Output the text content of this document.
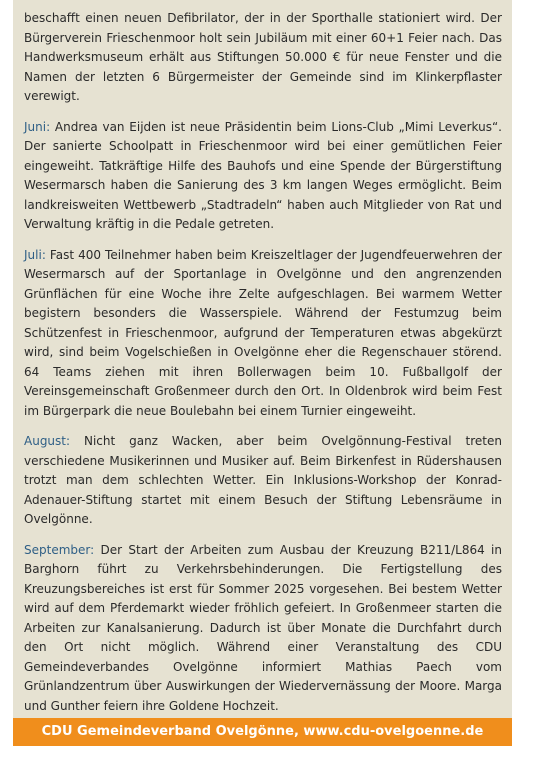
beschafft einen neuen Defibrilator, der in der Sporthalle stationiert wird. Der Bürgerverein Frieschenmoor holt sein Jubiläum mit einer 60+1 Feier nach. Das Handwerksmuseum erhält aus Stiftungen 50.000 € für neue Fenster und die Namen der letzten 6 Bürgermeister der Gemeinde sind im Klinkerpflaster verewigt.

Juni: Andrea van Eijden ist neue Präsidentin beim Lions-Club „Mimi Leverkus“. Der sanierte Schoolpatt in Frieschenmoor wird bei einer gemütlichen Feier eingeweiht. Tatkräftige Hilfe des Bauhofs und eine Spende der Bürgerstiftung Wesermarsch haben die Sanierung des 3 km langen Weges ermöglicht. Beim landkreisweiten Wettbewerb „Stadtradeln“ haben auch Mitglieder von Rat und Verwaltung kräftig in die Pedale getreten.

Juli: Fast 400 Teilnehmer haben beim Kreiszeltlager der Jugendfeuerwehren der Wesermarsch auf der Sportanlage in Ovelgönne und den angrenzenden Grünflächen für eine Woche ihre Zelte aufgeschlagen. Bei warmem Wetter begistern besonders die Wasserspiele. Während der Festumzug beim Schützenfest in Frieschenmoor, aufgrund der Temperaturen etwas abgekürzt wird, sind beim Vogelschießen in Ovelgönne eher die Regenschauer störend. 64 Teams ziehen mit ihren Bollerwagen beim 10. Fußballgolf der Vereinsgemeinschaft Großenmeer durch den Ort. In Oldenbrok wird beim Fest im Bürgerpark die neue Boulebahn bei einem Turnier eingeweiht.

August: Nicht ganz Wacken, aber beim Ovelgönnung-Festival treten verschiedene Musikerinnen und Musiker auf. Beim Birkenfest in Rüdershausen trotzt man dem schlechten Wetter. Ein Inklusions-Workshop der Konrad-Adenauer-Stiftung startet mit einem Besuch der Stiftung Lebensräume in Ovelgönne.

September: Der Start der Arbeiten zum Ausbau der Kreuzung B211/L864 in Barghorn führt zu Verkehrsbehinderungen. Die Fertigstellung des Kreuzungsbereiches ist erst für Sommer 2025 vorgesehen. Bei bestem Wetter wird auf dem Pferdemarkt wieder fröhlich gefeiert. In Großenmeer starten die Arbeiten zur Kanalsanierung. Dadurch ist über Monate die Durchfahrt durch den Ort nicht möglich. Während einer Veranstaltung des CDU Gemeindeverbandes Ovelgönne informiert Mathias Paech vom Grünlandzentrum über Auswirkungen der Wiedervernässung der Moore. Marga und Gunther feiern ihre Goldene Hochzeit.

CDU Gemeindeverband Ovelgönne, www.cdu-ovelgoenne.de
